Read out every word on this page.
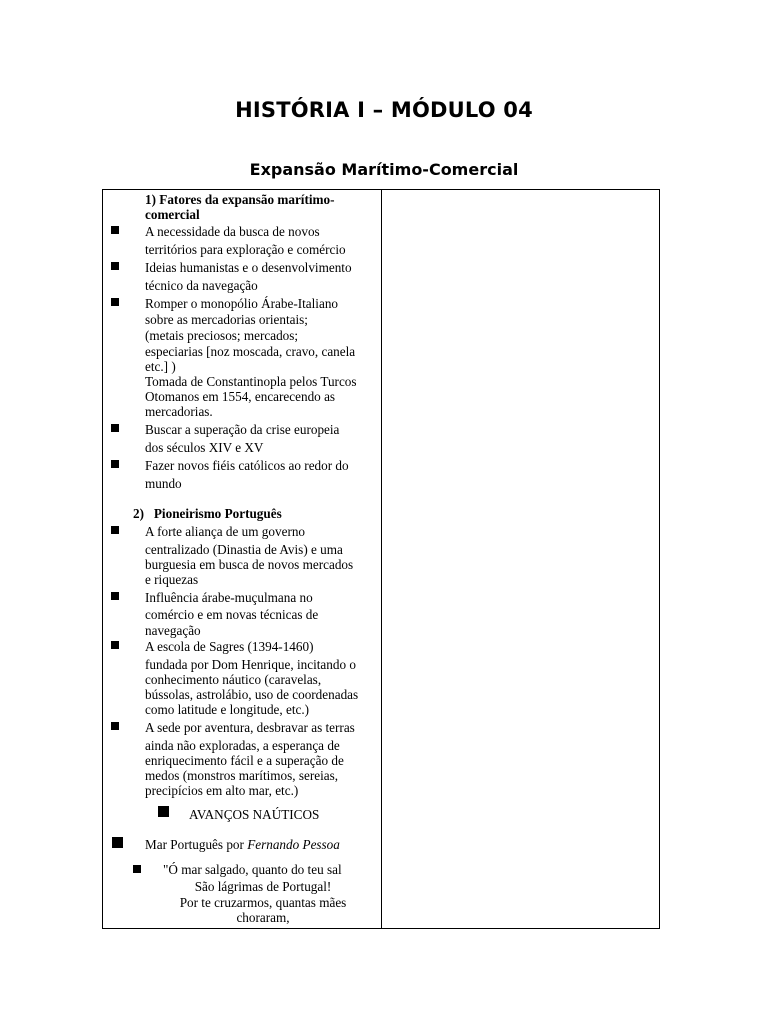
HISTÓRIA I – MÓDULO 04
Expansão Marítimo-Comercial
1) Fatores da expansão marítimo-
comercial
A necessidade da busca de novos
territórios para exploração e comércio
Ideias humanistas e o desenvolvimento
técnico da navegação
Romper o monopólio Árabe-Italiano
sobre as mercadorias orientais;
(metais preciosos; mercados;
especiarias [noz moscada, cravo, canela
etc.] )
Tomada de Constantinopla pelos Turcos
Otomanos em 1554, encarecendo as
mercadorias.
Buscar a superação da crise europeia
dos séculos XIV e XV
Fazer novos fiéis católicos ao redor do
mundo
2)   Pioneirismo Português
A forte aliança de um governo
centralizado (Dinastia de Avis) e uma
burguesia em busca de novos mercados
e riquezas
Influência árabe-muçulmana no
comércio e em novas técnicas de
navegação
A escola de Sagres (1394-1460)
fundada por Dom Henrique, incitando o
conhecimento náutico (caravelas,
bússolas, astrolábio, uso de coordenadas
como latitude e longitude, etc.)
A sede por aventura, desbravar as terras
ainda não exploradas, a esperança de
enriquecimento fácil e a superação de
medos (monstros marítimos, sereias,
precipícios em alto mar, etc.)
AVANÇOS NAÚTICOS
Mar Português por Fernando Pessoa
"Ó mar salgado, quanto do teu sal
São lágrimas de Portugal!
Por te cruzarmos, quantas mães
choraram,
